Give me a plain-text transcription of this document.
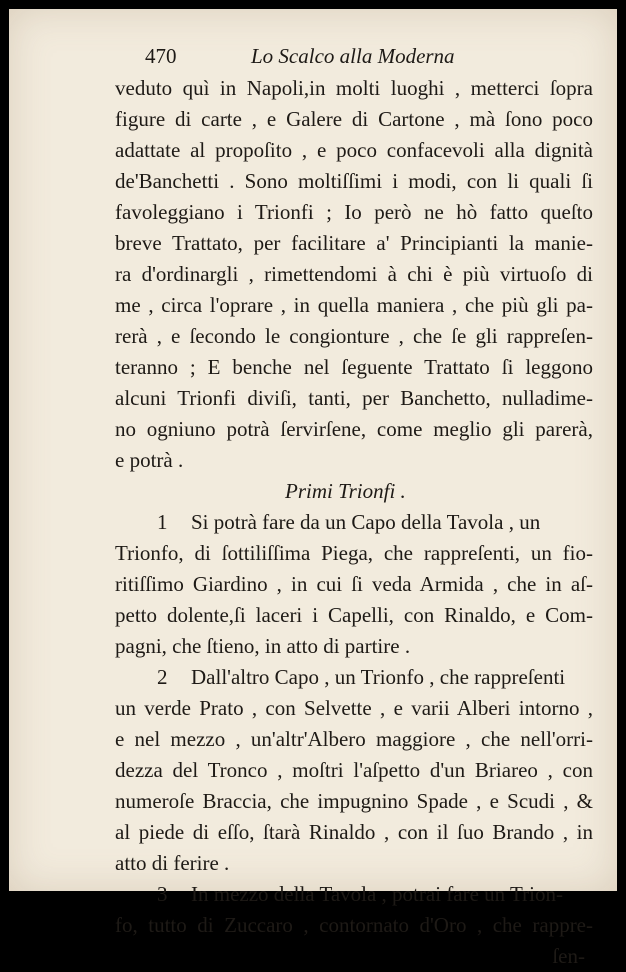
470	Lo Scalco alla Moderna
veduto quì in Napoli,in molti luoghi , metterci ſopra
figure di carte , e Galere di Cartone , mà ſono poco
adattate al propoſito , e poco confacevoli alla dignità
de'Banchetti . Sono moltiſſimi i modi, con li quali ſi
favoleggiano i Trionfi ; Io però ne hò fatto queſto
breve Trattato, per facilitare a' Principianti la manie-
ra d'ordinargli , rimettendomi à chi è più virtuoſo di
me , circa l'oprare , in quella maniera , che più gli pa-
rerà , e ſecondo le congionture , che ſe gli rappreſen-
teranno ; E benche nel ſeguente Trattato ſi leggono
alcuni Trionfi diviſi, tanti, per Banchetto, nulladime-
no ogniuno potrà ſervirſene, come meglio gli parerà,
e potrà .
Primi Trionfi .
1 Si potrà fare da un Capo della Tavola , un
Trionfo, di ſottiliſſima Piega, che rappreſenti, un fio-
ritiſſimo Giardino , in cui ſi veda Armida , che in aſ-
petto dolente,ſi laceri i Capelli, con Rinaldo, e Com-
pagni, che ſtieno, in atto di partire .
2 Dall'altro Capo , un Trionfo , che rappreſenti
un verde Prato , con Selvette , e varii Alberi intorno ,
e nel mezzo , un'altr'Albero maggiore , che nell'orri-
dezza del Tronco , moſtri l'aſpetto d'un Briareo , con
numeroſe Braccia, che impugnino Spade , e Scudi , &
al piede di eſſo, ſtarà Rinaldo , con il ſuo Brando , in
atto di ferire .
3 In mezzo della Tavola , potrai fare un Trion-
fo, tutto di Zuccaro , contornato d'Oro , che rappre-
ſen-
